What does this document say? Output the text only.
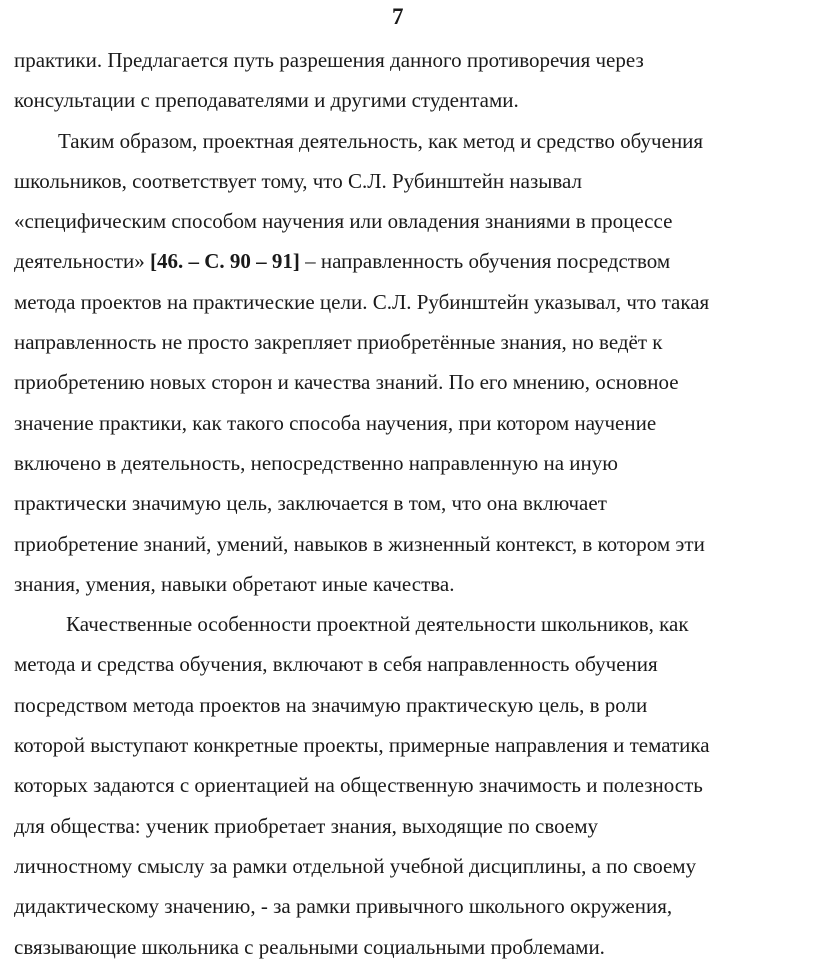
7
практики. Предлагается путь разрешения данного противоречия через
консультации с преподавателями и другими студентами.
Таким образом, проектная деятельность, как метод и средство обучения
школьников, соответствует тому, что С.Л. Рубинштейн называл
«специфическим способом научения или овладения знаниями в процессе
деятельности» [46. – С. 90 – 91] – направленность обучения посредством
метода проектов на практические цели. С.Л. Рубинштейн указывал, что такая
направленность не просто закрепляет приобретённые знания, но ведёт к
приобретению новых сторон и качества знаний. По его мнению, основное
значение практики, как такого способа научения, при котором научение
включено в деятельность, непосредственно направленную на иную
практически значимую цель, заключается в том, что она включает
приобретение знаний, умений, навыков в жизненный контекст, в котором эти
знания, умения, навыки обретают иные качества.
Качественные особенности проектной деятельности школьников, как
метода и средства обучения, включают в себя направленность обучения
посредством метода проектов на значимую практическую цель, в роли
которой выступают конкретные проекты, примерные направления и тематика
которых задаются с ориентацией на общественную значимость и полезность
для общества: ученик приобретает знания, выходящие по своему
личностному смыслу за рамки отдельной учебной дисциплины, а по своему
дидактическому значению, - за рамки привычного школьного окружения,
связывающие школьника с реальными социальными проблемами.
